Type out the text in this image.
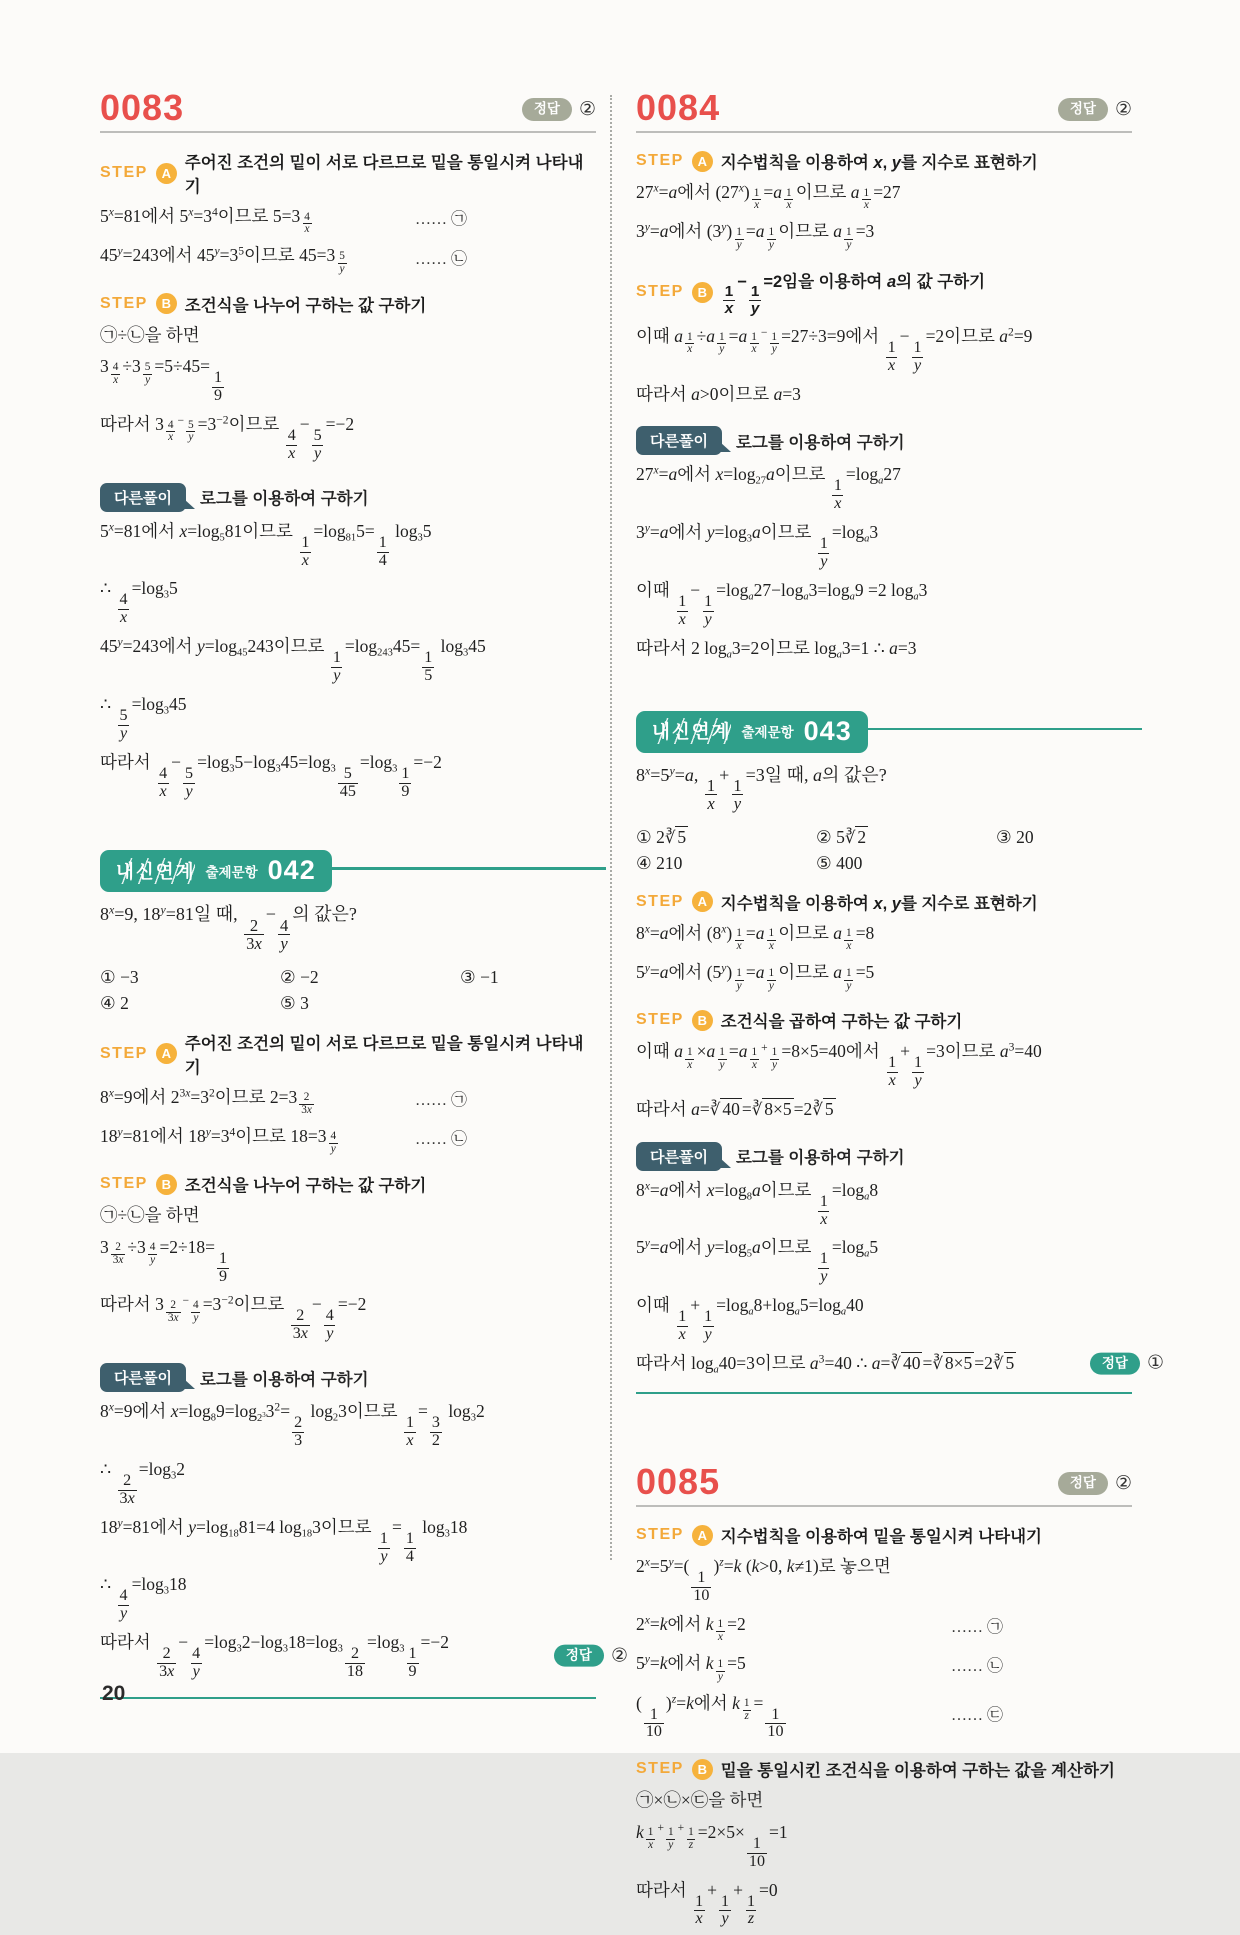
0083	정답	②
STEP	A
주어진 조건의 밑이 서로 다르므로 밑을 통일시켜 나타내기
$5^x=81$에서 $5^x=3^4$이므로 5=3 $^{\frac{4}{x}}$	…… ㉠
$45^y=243$에서 $45^y=3^5$이므로 45=3 $^{\frac{5}{y}}$	…… ㉡
STEP	B 조건식을 나누어 구하는 값 구하기
㉠÷㉡을 하면
3 $^{\frac{4}{x}}$ ÷3 $^{\frac{5}{y}}$ =5÷45=
$\frac{1}{9}$
따라서 3 $^{\frac{4}{x} - \frac{5}{y}} =3^{-2}$이므로
$\frac{4}{x}$
−
$\frac{5}{y}$
=−2
다른풀이	로그를 이용하여 구하기
$5^x=81$에서 $x=\log_581$이므로
$\frac{1}{x}$
$=\log_{81}5=$
$\frac{1}{4}$
$\log_35$
∴
$\frac{4}{x}$
$=\log_35$
$45^y=243$에서 $y=\log_{45}243$이므로
$\frac{1}{y}$
$=\log_{243}45=$
$\frac{1}{5}$
$\log_345$
∴
$\frac{5}{y}$
$=\log_345$
따라서
$\frac{4}{x}$
−
$\frac{5}{y}$
$=\log_35-\log_345=\log_3 \frac{5}{45}$
$=\log_3 \frac{1}{9}$
=−2
내신연계 출제문항 042
$8^x=9$, $18^y=81$일 때,
$\frac{2}{3x}$
−
$\frac{4}{y}$
의 값은?
① −3	② −2	③ −1
④ 2	⑤ 3
STEP	A
주어진 조건의 밑이 서로 다르므로 밑을 통일시켜 나타내기
$8^x=9$에서 $2^{3x}=3^2$이므로 2=3 $^{\frac{2}{3x}}$	…… ㉠
$18^y=81$에서 $18^y=3^4$이므로 18=3 $^{\frac{4}{y}}$	…… ㉡
STEP	B 조건식을 나누어 구하는 값 구하기
㉠÷㉡을 하면
3 $^{\frac{2}{3x}}$ ÷3 $^{\frac{4}{y}}$ =2÷18=
$\frac{1}{9}$
따라서 3 $^{\frac{2}{3x} - \frac{4}{y}} =3^{-2}$이므로
$\frac{2}{3x}$
−
$\frac{4}{y}$
=−2
다른풀이	로그를 이용하여 구하기
$8^x=9$에서 $x=\log_89=\log_{2^3}3^2=$
$\frac{2}{3}$
$\log_23$이므로
$\frac{1}{x}$
=
$\frac{3}{2}$
$\log_32$
∴
$\frac{2}{3x}$
$=\log_32$
$18^y=81$에서 $y=\log_{18}81=4$ $\log_{18}3$이므로
$\frac{1}{y}$
=
$\frac{1}{4}$
$\log_318$
∴
$\frac{4}{y}$
$=\log_318$
따라서
$\frac{2}{3x}$
−
$\frac{4}{y}$
$=\log_32-\log_318=\log_3 \frac{2}{18}$
$=\log_3 \frac{1}{9}$
=−2
정답	②
0084	정답	②
STEP	A 지수법칙을 이용하여 x, y를 지수로 표현하기
$27^x=a$에서 (27$^x$) $^{\frac{1}{x}}$ =a $^{\frac{1}{x}}$ 이므로 a $^{\frac{1}{x}}$ =27
$3^y=a$에서 (3$^y$) $^{\frac{1}{y}}$ =a $^{\frac{1}{y}}$ 이므로 a $^{\frac{1}{y}}$ =3
STEP	B	$\frac{1}{x}$
−
$\frac{1}{y}$
=2임을 이용하여 a의 값 구하기
이때 a $^{\frac{1}{x}}$ ÷a $^{\frac{1}{y}}$ =a $^{\frac{1}{x} - \frac{1}{y}}$ =27÷3=9에서
$\frac{1}{x}$
−
$\frac{1}{y}$
=2이므로 $a^2=9$
따라서 a>0이므로 a=3
다른풀이	로그를 이용하여 구하기
$27^x=a$에서 $x=\log_{27}a$이므로
$\frac{1}{x}$
$=\log_a27$
$3^y=a$에서 $y=\log_3a$이므로
$\frac{1}{y}$
$=\log_a3$
이때
$\frac{1}{x}$
−
$\frac{1}{y}$
$=\log_a27-\log_a3=\log_a9 =2$ $\log_a3$
따라서 2 $\log_a3=2$이므로 $\log_a3=1$ ∴ a=3
내신연계 출제문항 043
$8^x=5^y=a$,
$\frac{1}{x}$
+
$\frac{1}{y}$
=3일 때, a의 값은?
① 2∛ 5	② 5∛ 2	③ 20
④ 210	⑤ 400
STEP	A 지수법칙을 이용하여 x, y를 지수로 표현하기
$8^x=a$에서 (8$^x$) $^{\frac{1}{x}}$ =a $^{\frac{1}{x}}$ 이므로 a $^{\frac{1}{x}}$ =8
$5^y=a$에서 (5$^y$) $^{\frac{1}{y}}$ =a $^{\frac{1}{y}}$ 이므로 a $^{\frac{1}{y}}$ =5
STEP	B 조건식을 곱하여 구하는 값 구하기
이때 a $^{\frac{1}{x}}$ ×a $^{\frac{1}{y}}$ =a $^{\frac{1}{x} + \frac{1}{y}}$ =8×5=40에서
$\frac{1}{x}$
+
$\frac{1}{y}$
=3이므로 $a^3=40$
따라서 a=∛ 40 =∛ 8×5 =2∛ 5
다른풀이	로그를 이용하여 구하기
$8^x=a$에서 $x=\log_8a$이므로
$\frac{1}{x}$
$=\log_a8$
$5^y=a$에서 $y=\log_5a$이므로
$\frac{1}{y}$
$=\log_a5$
이때
$\frac{1}{x}$
+
$\frac{1}{y}$
$=\log_a8+\log_a5=\log_a40$
따라서 $\log_a40=3$이므로 $a^3=40$ ∴ a=∛ 40 =∛ 8×5 =2∛ 5	정답	①
0085	정답	②
STEP	A 지수법칙을 이용하여 밑을 통일시켜 나타내기
$2^x=5^y=$(
$\frac{1}{10}$
)$^z$=k (k>0, k≠1)로 놓으면
$2^x=k$에서 k $^{\frac{1}{x}}$ =2	…… ㉠
$5^y=k$에서 k $^{\frac{1}{y}}$ =5	…… ㉡
(
$\frac{1}{10}$
)$^z$=k에서 k $^{\frac{1}{z}}$ =
$\frac{1}{10}$	…… ㉢
STEP	B 밑을 통일시킨 조건식을 이용하여 구하는 값을 계산하기
㉠×㉡×㉢을 하면
k $^{\frac{1}{x} + \frac{1}{y} + \frac{1}{z}}$ =2×5×
$\frac{1}{10}$
=1
따라서
$\frac{1}{x}$
+
$\frac{1}{y}$
+
$\frac{1}{z}$
=0
20
